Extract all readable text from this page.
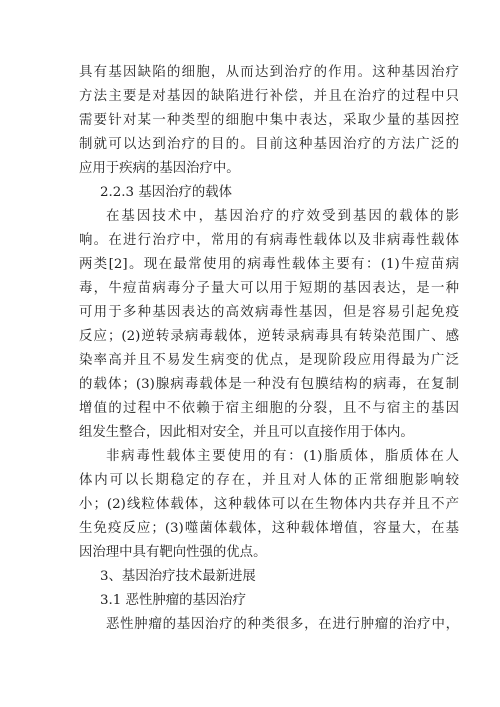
具有基因缺陷的细胞，从而达到治疗的作用。这种基因治疗
方法主要是对基因的缺陷进行补偿，并且在治疗的过程中只
需要针对某一种类型的细胞中集中表达，采取少量的基因控
制就可以达到治疗的目的。目前这种基因治疗的方法广泛的
应用于疾病的基因治疗中。
2.2.3 基因治疗的载体
在基因技术中，基因治疗的疗效受到基因的载体的影
响。在进行治疗中，常用的有病毒性载体以及非病毒性载体
两类[2]。现在最常使用的病毒性载体主要有：(1)牛痘苗病
毒，牛痘苗病毒分子量大可以用于短期的基因表达，是一种
可用于多种基因表达的高效病毒性基因，但是容易引起免疫
反应；(2)逆转录病毒载体，逆转录病毒具有转染范围广、感
染率高并且不易发生病变的优点，是现阶段应用得最为广泛
的载体；(3)腺病毒载体是一种没有包膜结构的病毒，在复制
增值的过程中不依赖于宿主细胞的分裂，且不与宿主的基因
组发生整合，因此相对安全，并且可以直接作用于体内。
非病毒性载体主要使用的有：(1)脂质体，脂质体在人
体内可以长期稳定的存在，并且对人体的正常细胞影响较
小；(2)线粒体载体，这种载体可以在生物体内共存并且不产
生免疫反应；(3)噬菌体载体，这种载体增值，容量大，在基
因治理中具有靶向性强的优点。
3、基因治疗技术最新进展
3.1 恶性肿瘤的基因治疗
恶性肿瘤的基因治疗的种类很多，在进行肿瘤的治疗中，
